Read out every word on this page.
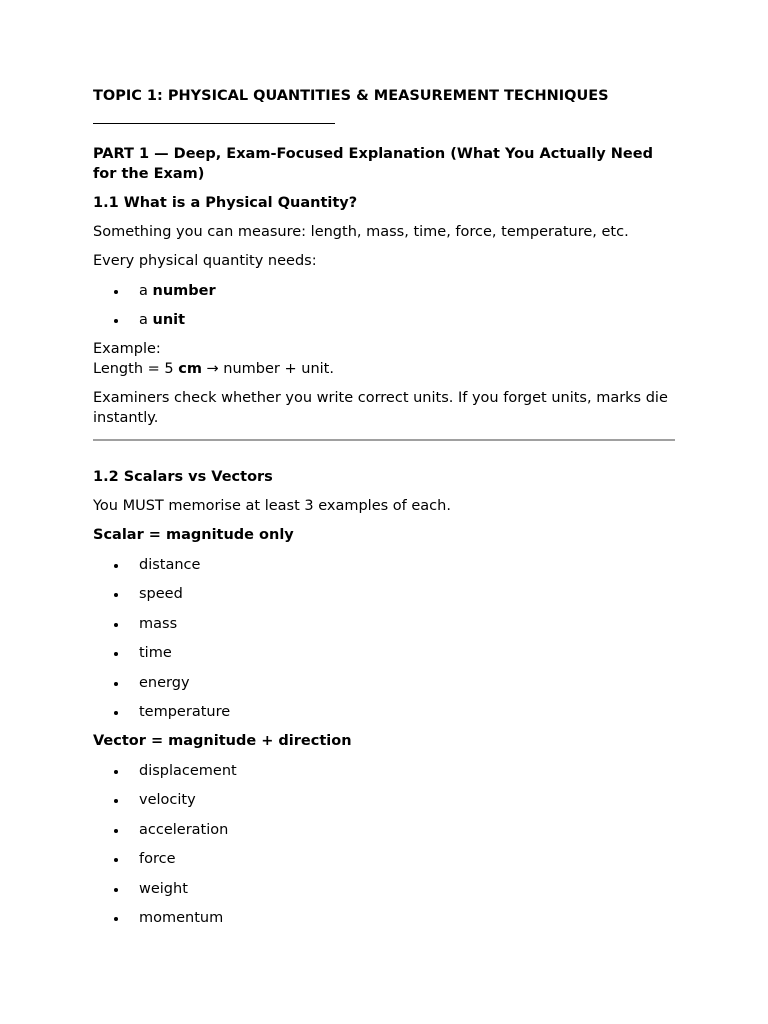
TOPIC 1: PHYSICAL QUANTITIES & MEASUREMENT TECHNIQUES
PART 1 — Deep, Exam-Focused Explanation (What You Actually Need for the Exam)
1.1 What is a Physical Quantity?

Something you can measure: length, mass, time, force, temperature, etc.

Every physical quantity needs:

a number
a unit

Example:
Length = 5 cm → number + unit.

Examiners check whether you write correct units. If you forget units, marks die instantly.

1.2 Scalars vs Vectors

You MUST memorise at least 3 examples of each.

Scalar = magnitude only

distance
speed
mass
time
energy
temperature

Vector = magnitude + direction

displacement
velocity
acceleration
force
weight
momentum
